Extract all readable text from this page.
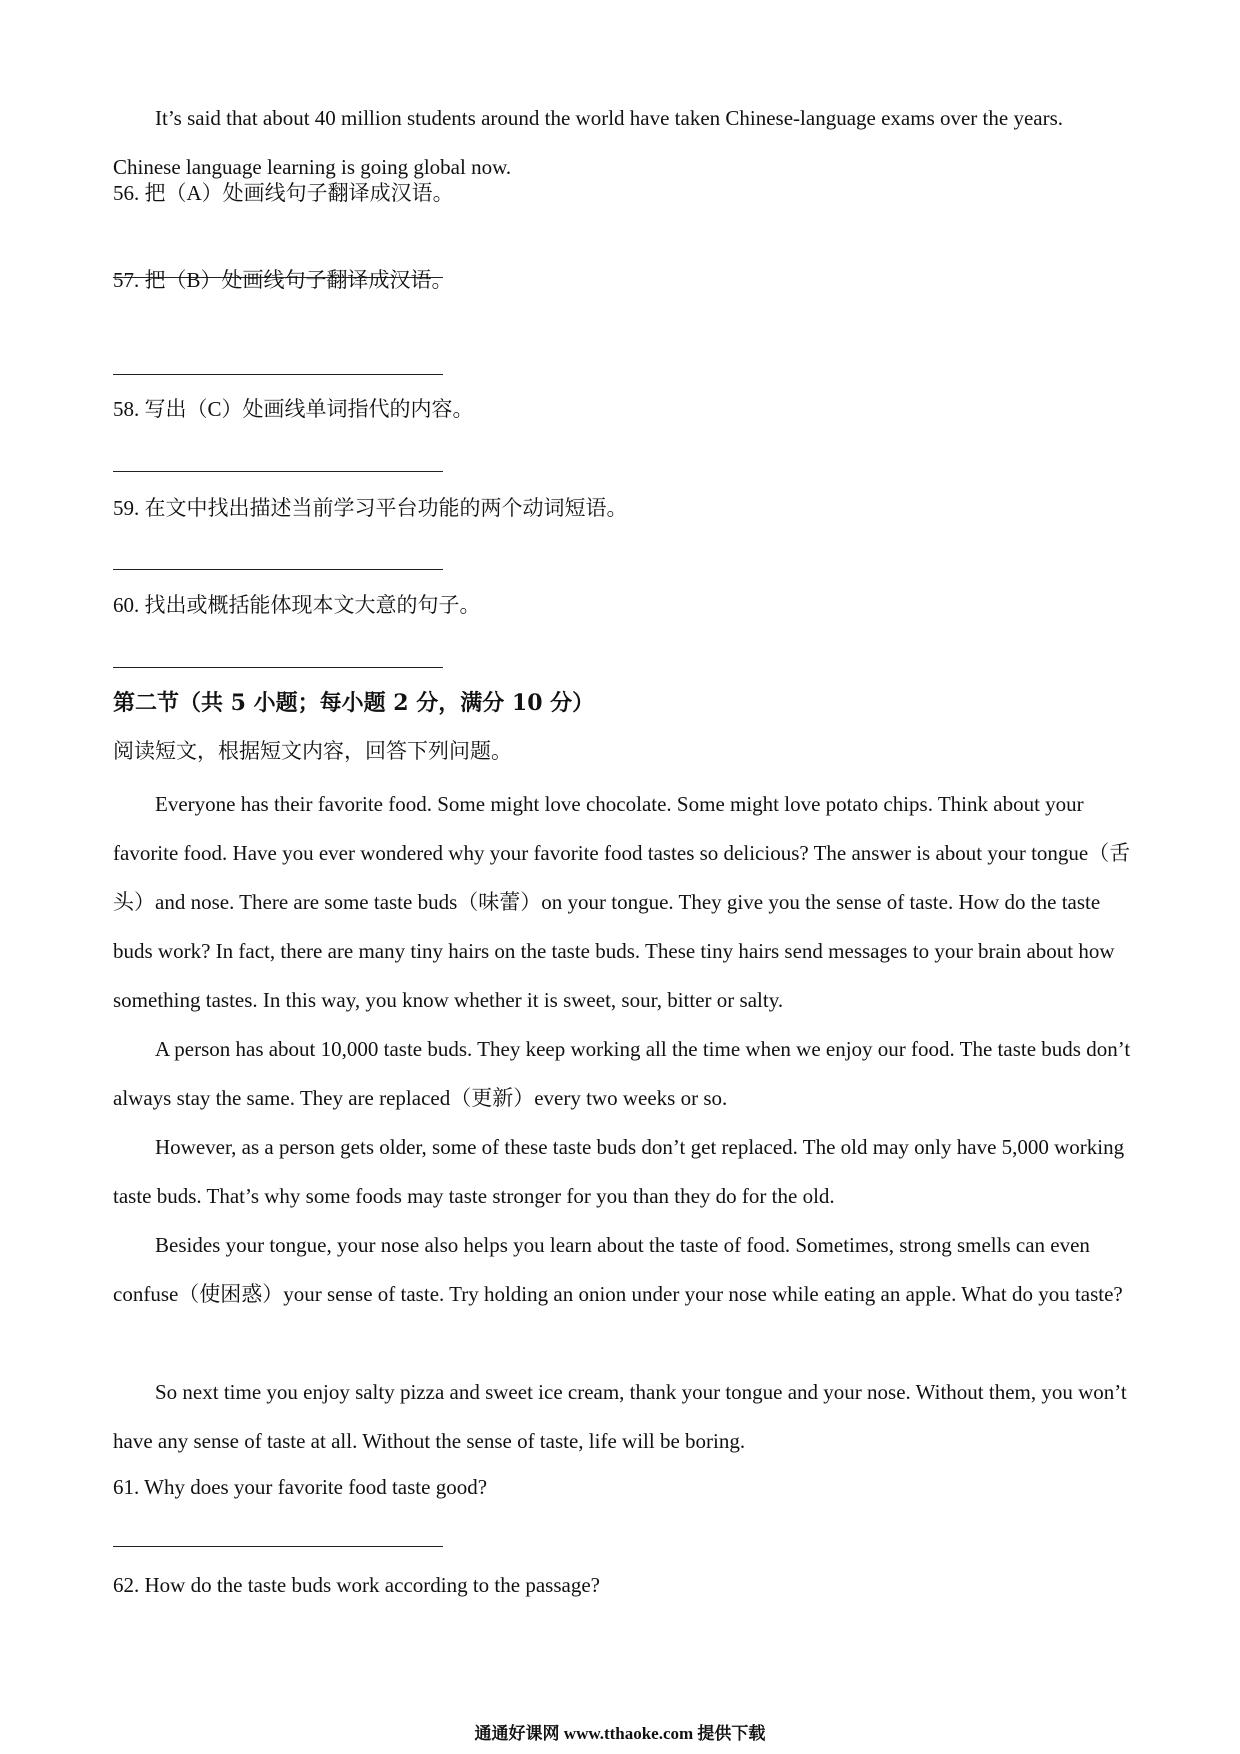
It’s said that about 40 million students around the world have taken Chinese-language exams over the years. Chinese language learning is going global now.

56. 把（A）处画线句子翻译成汉语。

57. 把（B）处画线句子翻译成汉语。

58. 写出（C）处画线单词指代的内容。

59. 在文中找出描述当前学习平台功能的两个动词短语。

60. 找出或概括能体现本文大意的句子。

第二节（共 5 小题；每小题 2 分，满分 10 分）

阅读短文，根据短文内容，回答下列问题。

Everyone has their favorite food. Some might love chocolate. Some might love potato chips. Think about your favorite food. Have you ever wondered why your favorite food tastes so delicious? The answer is about your tongue（舌头）and nose. There are some taste buds（味蕾）on your tongue. They give you the sense of taste. How do the taste buds work? In fact, there are many tiny hairs on the taste buds. These tiny hairs send messages to your brain about how something tastes. In this way, you know whether it is sweet, sour, bitter or salty.

A person has about 10,000 taste buds. They keep working all the time when we enjoy our food. The taste buds don’t always stay the same. They are replaced（更新）every two weeks or so.

However, as a person gets older, some of these taste buds don’t get replaced. The old may only have 5,000 working taste buds. That’s why some foods may taste stronger for you than they do for the old.

Besides your tongue, your nose also helps you learn about the taste of food. Sometimes, strong smells can even confuse（使困惑）your sense of taste. Try holding an onion under your nose while eating an apple. What do you taste?

So next time you enjoy salty pizza and sweet ice cream, thank your tongue and your nose. Without them, you won’t have any sense of taste at all. Without the sense of taste, life will be boring.

61. Why does your favorite food taste good?

62. How do the taste buds work according to the passage?

通通好课网 www.tthaoke.com 提供下载
